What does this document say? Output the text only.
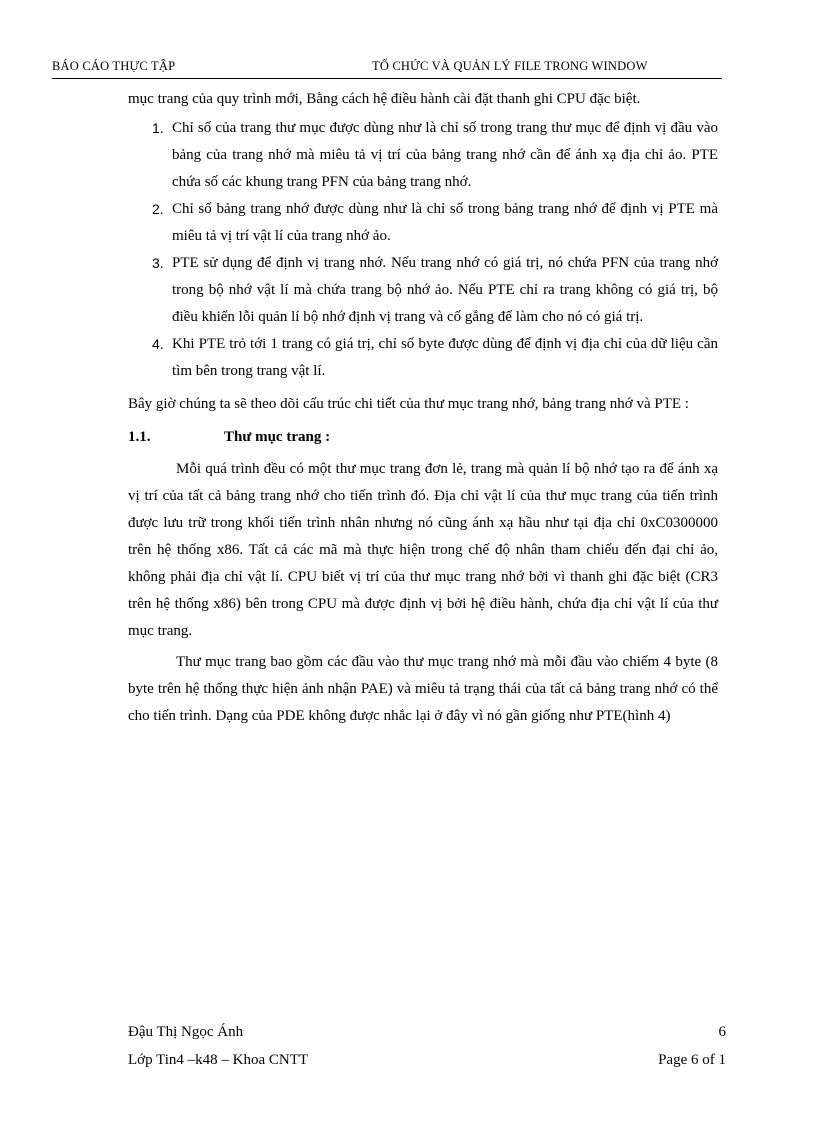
BÁO CÁO THỰC TẬP	TỔ CHỨC VÀ QUẢN LÝ FILE TRONG WINDOW

mục trang của quy trình mới, Bằng cách hệ điều hành cài đặt thanh ghi CPU đặc biệt.

1. Chỉ số của trang thư mục được dùng như là chỉ số trong trang thư mục để định vị đầu vào bảng của trang nhớ mà miêu tả vị trí của bảng trang nhớ cần để ánh xạ địa chỉ ảo. PTE chứa số các khung trang PFN của bảng trang nhớ.
2. Chỉ số bảng trang nhớ được dùng như là chỉ số trong bảng trang nhớ để định vị PTE mà miêu tả vị trí vật lí của trang nhớ ảo.
3. PTE sử dụng để định vị trang nhớ. Nếu trang nhớ có giá trị, nó chứa PFN của trang nhớ trong bộ nhớ vật lí mà chứa trang bộ nhớ ảo. Nếu PTE chỉ ra trang không có giá trị, bộ điều khiển lỗi quản lí bộ nhớ định vị trang và cố gắng để làm cho nó có giá trị.
4. Khi PTE trỏ tới 1 trang có giá trị, chỉ số byte được dùng để định vị địa chỉ của dữ liệu cần tìm bên trong trang vật lí.

Bây giờ chúng ta sẽ theo dõi cấu trúc chi tiết của thư mục trang nhớ, bảng trang nhớ và PTE :

1.1.	Thư mục trang :

Mỗi quá trình đều có một thư mục trang đơn lẻ, trang mà quản lí bộ nhớ tạo ra để ánh xạ vị trí của tất cả bảng trang nhớ cho tiến trình đó. Địa chỉ vật lí của thư mục trang của tiến trình được lưu trữ trong khối tiến trình nhân nhưng nó cũng ánh xạ hầu như tại địa chỉ 0xC0300000 trên hệ thống x86. Tất cả các mã mà thực hiện trong chế độ nhân tham chiếu đến đại chỉ ảo, không phải địa chỉ vật lí. CPU biết vị trí của thư mục trang nhớ bởi vì thanh ghi đặc biệt (CR3 trên hệ thống x86) bên trong CPU mà được định vị bởi hệ điều hành, chứa địa chỉ vật lí của thư mục trang.

Thư mục trang bao gồm các đầu vào thư mục trang nhớ mà mỗi đầu vào chiếm 4 byte (8 byte trên hệ thống thực hiện ảnh nhận PAE) và miêu tả trạng thái của tất cả bảng trang nhớ có thể cho tiến trình. Dạng của PDE không được nhắc lại ở đây vì nó gần giống như PTE(hình 4)

Đậu Thị Ngọc Ánh	6
Lớp Tin4 –k48 – Khoa CNTT	Page 6 of 1
